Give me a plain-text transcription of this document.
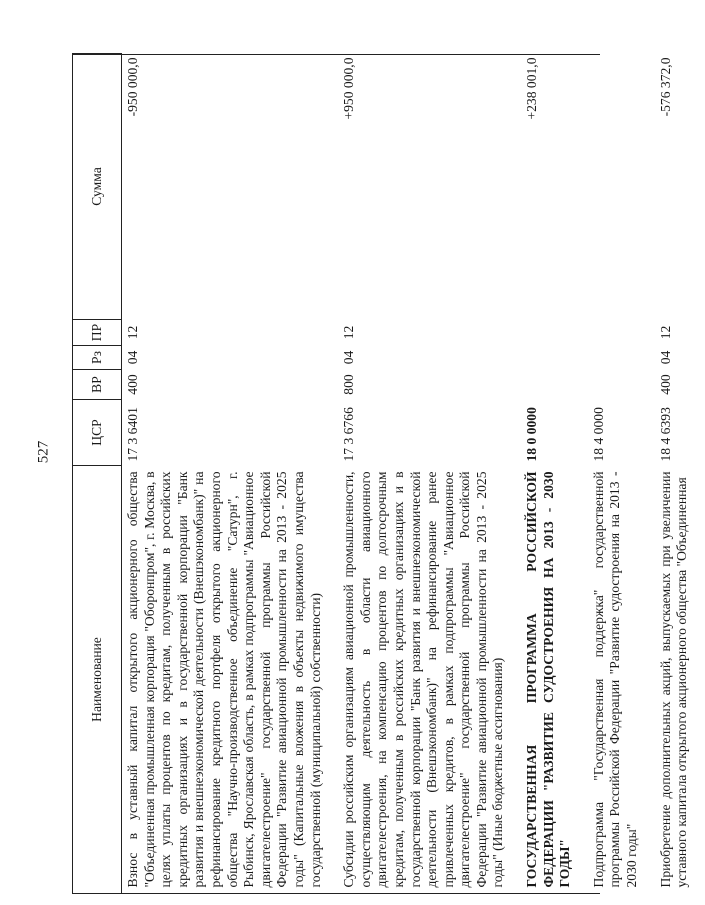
527
Наименование	ЦСР	ВР	Рз	ПР	Сумма
Взнос в уставный капитал открытого акционерного общества "Объединенная промышленная корпорация "Оборонпром", г. Москва, в целях уплаты процентов по кредитам, полученным в российских кредитных организациях и в государственной корпорации "Банк развития и внешнеэкономической деятельности (Внешэкономбанк)" на рефинансирование кредитного портфеля открытого акционерного общества "Научно-производственное объединение "Сатурн", г. Рыбинск, Ярославская область, в рамках подпрограммы "Авиационное двигателестроение" государственной программы Российской Федерации "Развитие авиационной промышленности на 2013 - 2025 годы" (Капитальные вложения в объекты недвижимого имущества государственной (муниципальной) собственности)	17 3 6401	400	04	12	-950 000,0
Субсидии российским организациям авиационной промышленности, осуществляющим деятельность в области авиационного двигателестроения, на компенсацию процентов по долгосрочным кредитам, полученным в российских кредитных организациях и в государственной корпорации "Банк развития и внешнеэкономической деятельности (Внешэкономбанк)" на рефинансирование ранее привлеченных кредитов, в рамках подпрограммы "Авиационное двигателестроение" государственной программы Российской Федерации "Развитие авиационной промышленности на 2013 - 2025 годы" (Иные бюджетные ассигнования)	17 3 6766	800	04	12	+950 000,0
ГОСУДАРСТВЕННАЯ ПРОГРАММА РОССИЙСКОЙ ФЕДЕРАЦИИ "РАЗВИТИЕ СУДОСТРОЕНИЯ НА 2013 - 2030 ГОДЫ"	18 0 0000				+238 001,0
Подпрограмма "Государственная поддержка" государственной программы Российской Федерации "Развитие судостроения на 2013 - 2030 годы"	18 4 0000				
Приобретение дополнительных акций, выпускаемых при увеличении уставного капитала открытого акционерного общества "Объединенная	18 4 6393	400	04	12	-576 372,0
